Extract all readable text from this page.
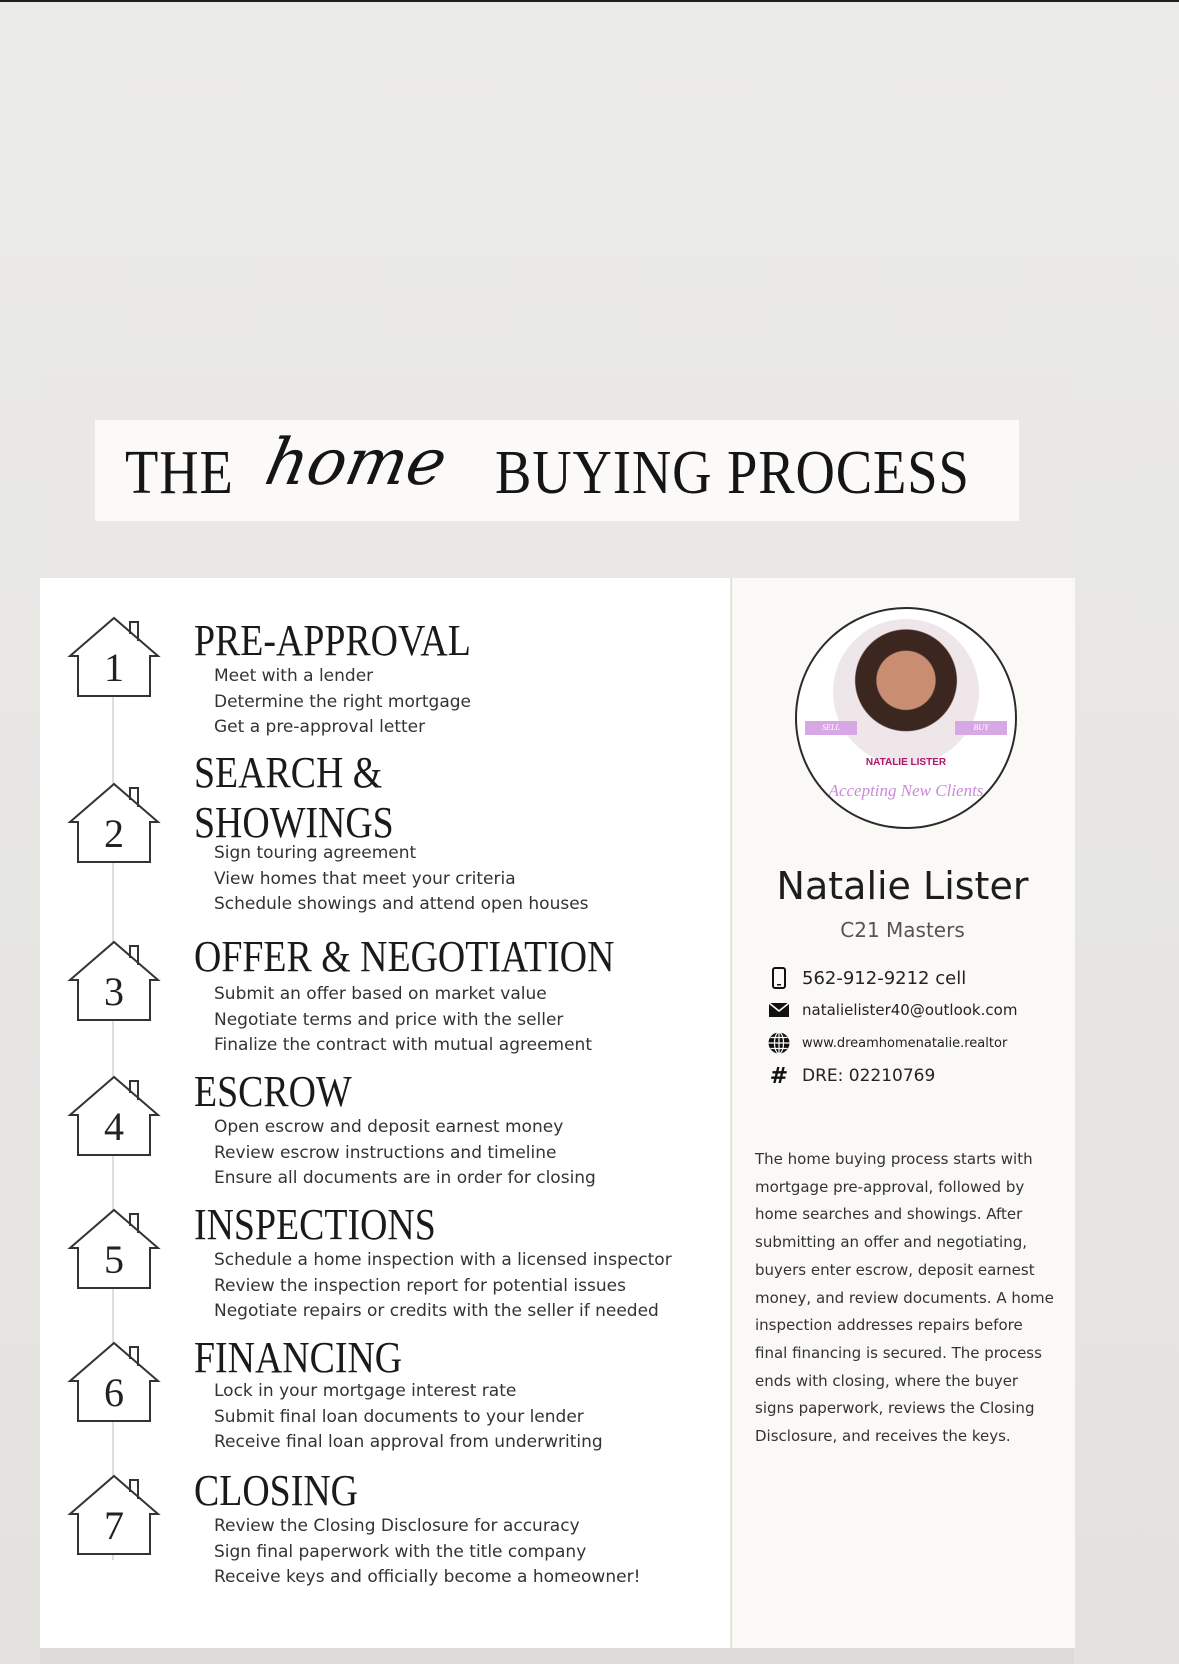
THE home BUYING PROCESS
1
PRE-APPROVAL
Meet with a lender
Determine the right mortgage
Get a pre-approval letter
2
SEARCH &
SHOWINGS
Sign touring agreement
View homes that meet your criteria
Schedule showings and attend open houses
3
OFFER & NEGOTIATION
Submit an offer based on market value
Negotiate terms and price with the seller
Finalize the contract with mutual agreement
4
ESCROW
Open escrow and deposit earnest money
Review escrow instructions and timeline
Ensure all documents are in order for closing
5
INSPECTIONS
Schedule a home inspection with a licensed inspector
Review the inspection report for potential issues
Negotiate repairs or credits with the seller if needed
6
FINANCING
Lock in your mortgage interest rate
Submit final loan documents to your lender
Receive final loan approval from underwriting
7
CLOSING
Review the Closing Disclosure for accuracy
Sign final paperwork with the title company
Receive keys and officially become a homeowner!
SELL	BUY
NATALIE LISTER
Accepting New Clients
Natalie Lister
C21 Masters
562-912-9212 cell
natalielister40@outlook.com
www.dreamhomenatalie.realtor
# DRE: 02210769

The home buying process starts with mortgage pre-approval, followed by home searches and showings. After submitting an offer and negotiating, buyers enter escrow, deposit earnest money, and review documents. A home inspection addresses repairs before final financing is secured. The process ends with closing, where the buyer signs paperwork, reviews the Closing Disclosure, and receives the keys.
